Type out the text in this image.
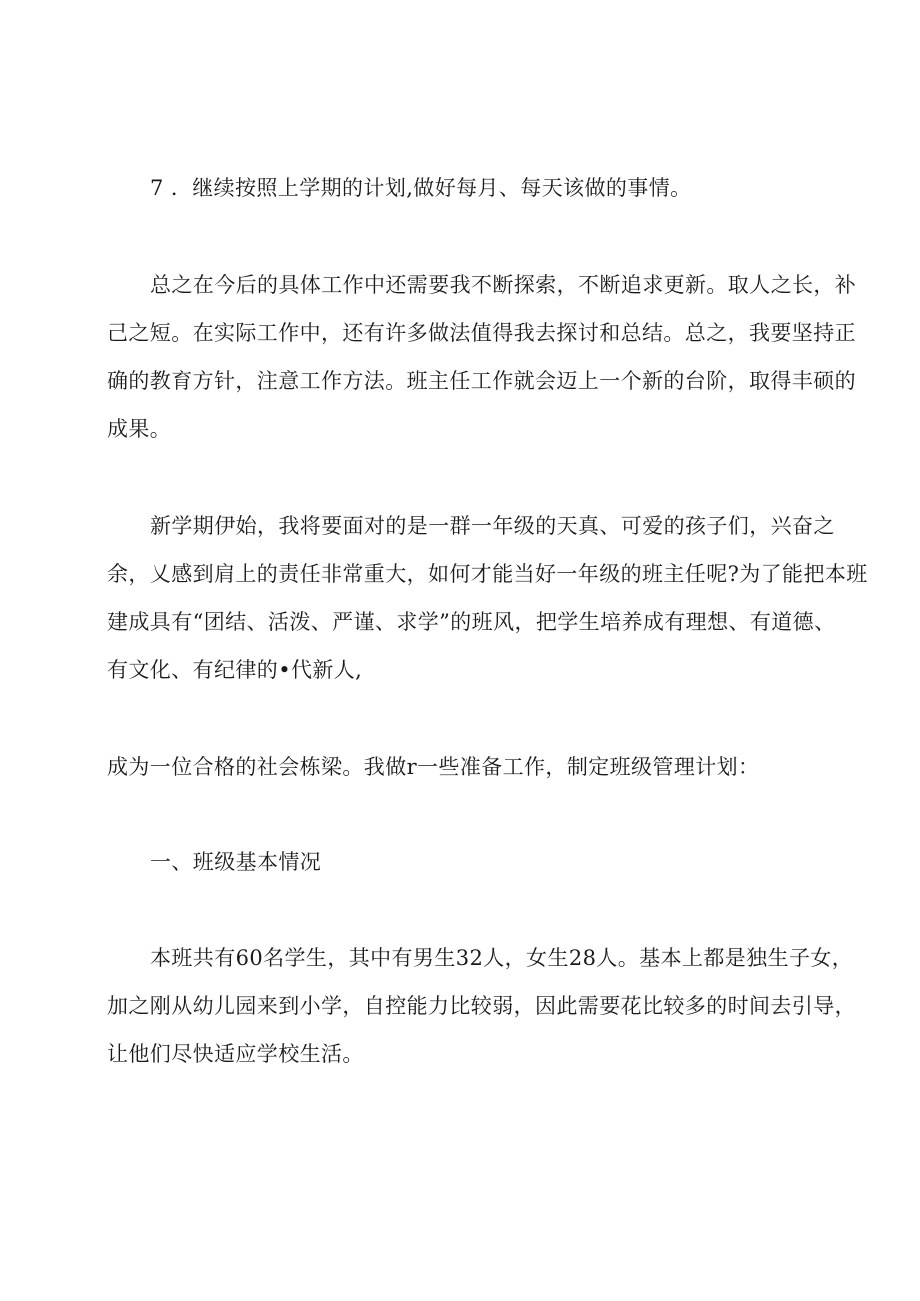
7 ．继续按照上学期的计划,做好每月、每天该做的事情。
总之在今后的具体工作中还需要我不断探索，不断追求更新。取人之长，补
己之短。在实际工作中，还有许多做法值得我去探讨和总结。总之，我要坚持正
确的教育方针，注意工作方法。班主任工作就会迈上一个新的台阶，取得丰硕的
成果。
新学期伊始，我将要面对的是一群一年级的天真、可爱的孩子们，兴奋之
余，乂感到肩上的责任非常重大，如何才能当好一年级的班主任呢?为了能把本班
建成具有“团结、活泼、严谨、求学”的班风，把学生培养成有理想、有道德、
有文化、有纪律的•代新人,
成为一位合格的社会栋梁。我做r一些准备工作，制定班级管理计划：
一、班级基本情况
本班共有60名学生，其中有男生32人，女生28人。基本上都是独生子女，
加之刚从幼儿园来到小学，自控能力比较弱，因此需要花比较多的时间去引导，
让他们尽快适应学校生活。
